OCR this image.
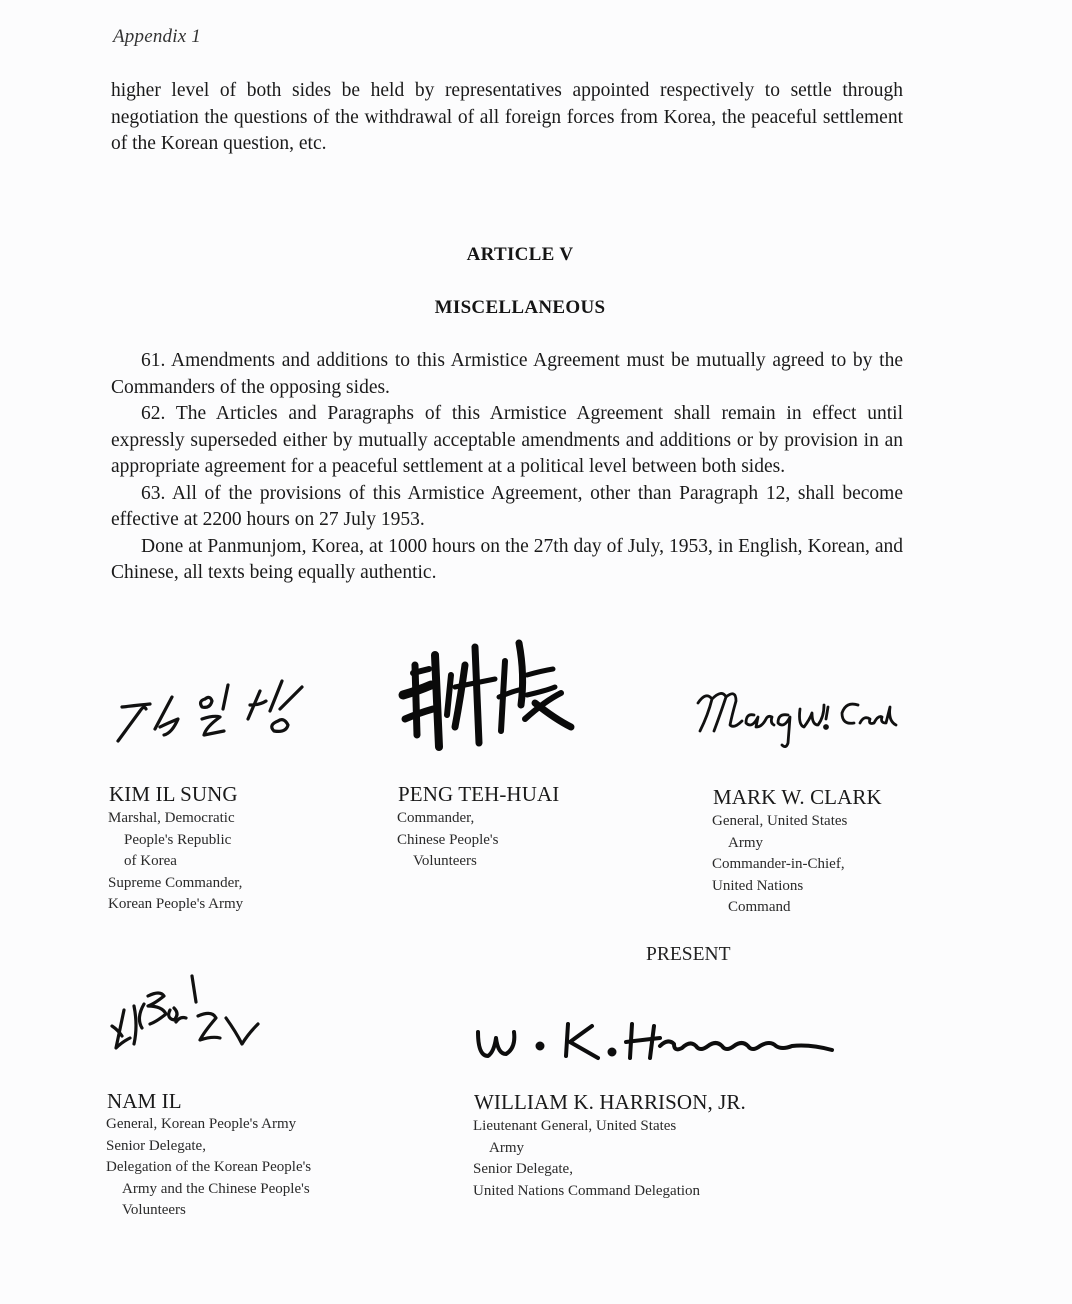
Appendix 1

higher level of both sides be held by representatives appointed respectively to settle through negotiation the questions of the withdrawal of all foreign forces from Korea, the peaceful settlement of the Korean question, etc.

ARTICLE V
MISCELLANEOUS

61. Amendments and additions to this Armistice Agreement must be mutually agreed to by the Commanders of the opposing sides.

62. The Articles and Paragraphs of this Armistice Agreement shall remain in effect until expressly superseded either by mutually acceptable amendments and additions or by provision in an appropriate agreement for a peaceful settlement at a political level between both sides.

63. All of the provisions of this Armistice Agreement, other than Paragraph 12, shall become effective at 2200 hours on 27 July 1953.

Done at Panmunjom, Korea, at 1000 hours on the 27th day of July, 1953, in English, Korean, and Chinese, all texts being equally authentic.

KIM IL SUNG
Marshal, Democratic
People's Republic
of Korea
Supreme Commander,
Korean People's Army
PENG TEH-HUAI
Commander,
Chinese People's
Volunteers
MARK W. CLARK
General, United States
Army
Commander-in-Chief,
United Nations
Command
PRESENT
NAM IL
General, Korean People's Army
Senior Delegate,
Delegation of the Korean People's
Army and the Chinese People's
Volunteers
WILLIAM K. HARRISON, JR.
Lieutenant General, United States
Army
Senior Delegate,
United Nations Command Delegation
